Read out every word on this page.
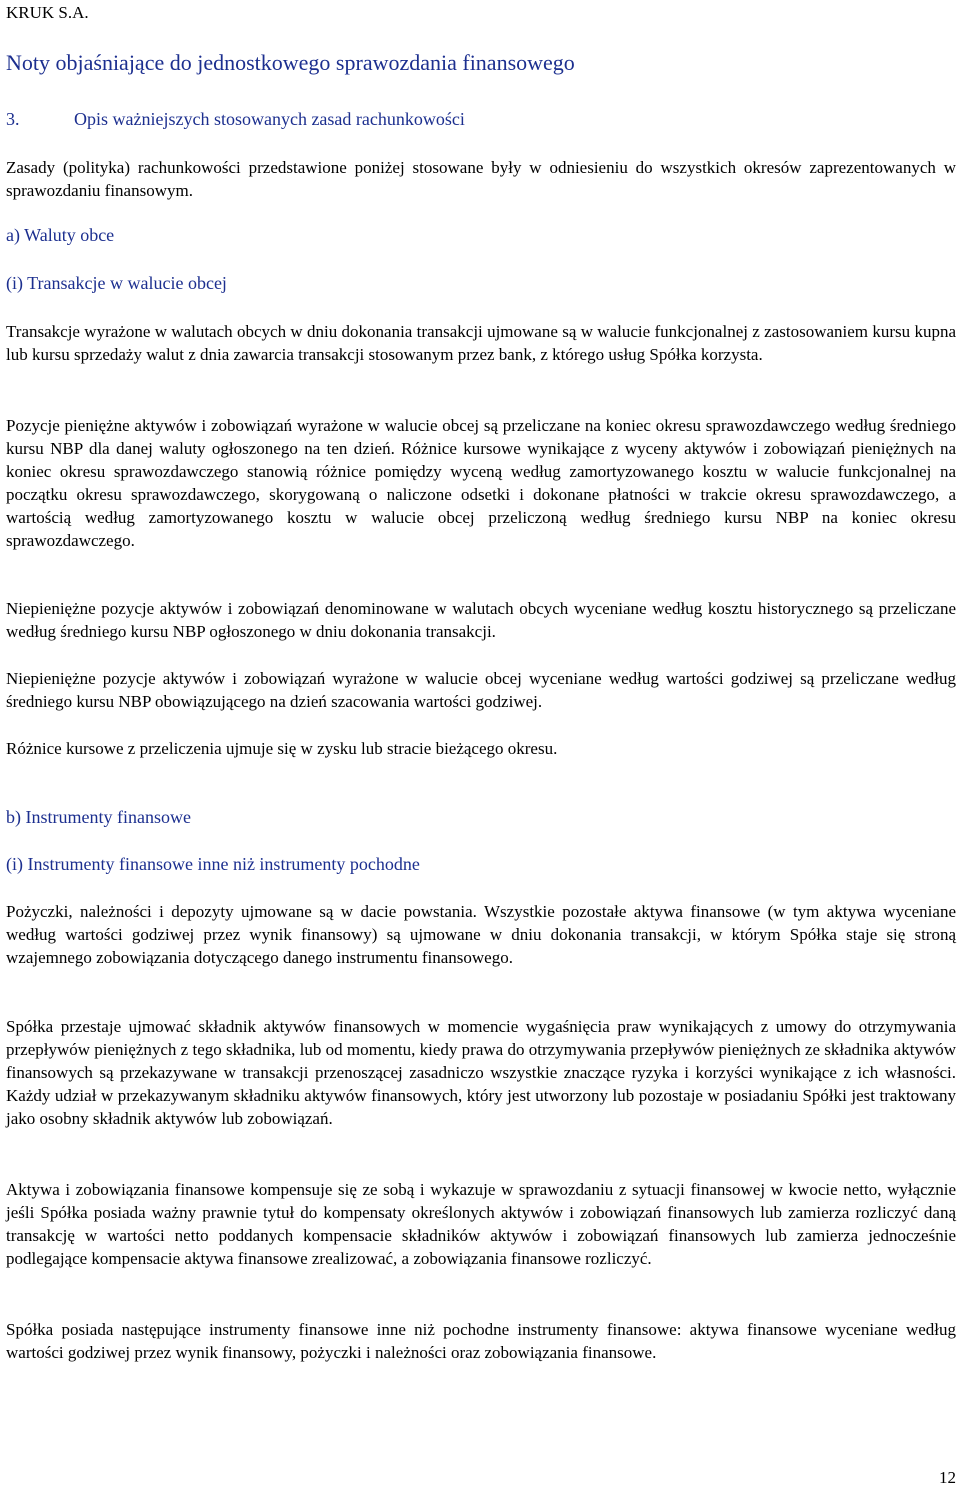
KRUK S.A.
Noty objaśniające do jednostkowego sprawozdania finansowego
3.	Opis ważniejszych stosowanych zasad rachunkowości
Zasady (polityka) rachunkowości przedstawione poniżej stosowane były w odniesieniu do wszystkich okresów zaprezentowanych w sprawozdaniu finansowym.
a) Waluty obce
(i) Transakcje w walucie obcej
Transakcje wyrażone w walutach obcych w dniu dokonania transakcji ujmowane są w walucie funkcjonalnej z zastosowaniem kursu kupna lub kursu sprzedaży walut z dnia zawarcia transakcji stosowanym przez bank, z którego usług Spółka korzysta.
Pozycje pieniężne aktywów i zobowiązań wyrażone w walucie obcej są przeliczane na koniec okresu sprawozdawczego według średniego kursu NBP dla danej waluty ogłoszonego na ten dzień. Różnice kursowe wynikające z wyceny aktywów i zobowiązań pieniężnych na koniec okresu sprawozdawczego stanowią różnice pomiędzy wyceną według zamortyzowanego kosztu w walucie funkcjonalnej na początku okresu sprawozdawczego, skorygowaną o naliczone odsetki i dokonane płatności w trakcie okresu sprawozdawczego, a wartością według zamortyzowanego kosztu w walucie obcej przeliczoną według średniego kursu NBP na koniec okresu sprawozdawczego.
Niepieniężne pozycje aktywów i zobowiązań denominowane w walutach obcych wyceniane według kosztu historycznego są przeliczane według średniego kursu NBP ogłoszonego w dniu dokonania transakcji.
Niepieniężne pozycje aktywów i zobowiązań wyrażone w walucie obcej wyceniane według wartości godziwej są przeliczane według średniego kursu NBP obowiązującego na dzień szacowania wartości godziwej.
Różnice kursowe z przeliczenia ujmuje się w zysku lub stracie bieżącego okresu.
b) Instrumenty finansowe
(i) Instrumenty finansowe inne niż instrumenty pochodne
Pożyczki, należności i depozyty ujmowane są w dacie powstania. Wszystkie pozostałe aktywa finansowe (w tym aktywa wyceniane według wartości godziwej przez wynik finansowy) są ujmowane w dniu dokonania transakcji, w którym Spółka staje się stroną wzajemnego zobowiązania dotyczącego danego instrumentu finansowego.
Spółka przestaje ujmować składnik aktywów finansowych w momencie wygaśnięcia praw wynikających z umowy do otrzymywania przepływów pieniężnych z tego składnika, lub od momentu, kiedy prawa do otrzymywania przepływów pieniężnych ze składnika aktywów finansowych są przekazywane w transakcji przenoszącej zasadniczo wszystkie znaczące ryzyka i korzyści wynikające z ich własności. Każdy udział w przekazywanym składniku aktywów finansowych, który jest utworzony lub pozostaje w posiadaniu Spółki jest traktowany jako osobny składnik aktywów lub zobowiązań.
Aktywa i zobowiązania finansowe kompensuje się ze sobą i wykazuje w sprawozdaniu z sytuacji finansowej w kwocie netto, wyłącznie jeśli Spółka posiada ważny prawnie tytuł do kompensaty określonych aktywów i zobowiązań finansowych lub zamierza rozliczyć daną transakcję w wartości netto poddanych kompensacie składników aktywów i zobowiązań finansowych lub zamierza jednocześnie podlegające kompensacie aktywa finansowe zrealizować, a zobowiązania finansowe rozliczyć.
Spółka posiada następujące instrumenty finansowe inne niż pochodne instrumenty finansowe: aktywa finansowe wyceniane według wartości godziwej przez wynik finansowy, pożyczki i należności oraz zobowiązania finansowe.
12
